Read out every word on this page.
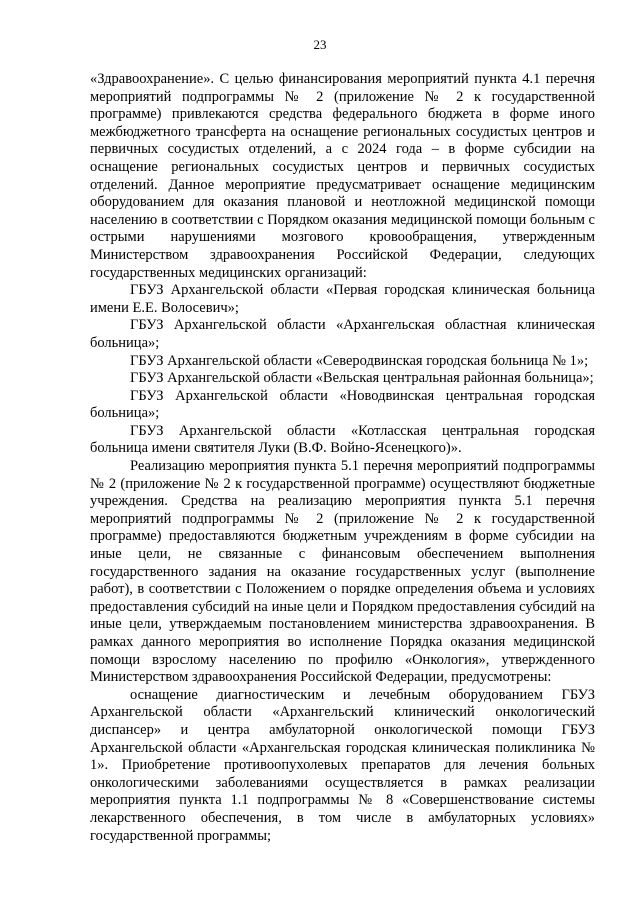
23

«Здравоохранение». С целью финансирования мероприятий пункта 4.1 перечня мероприятий подпрограммы № 2 (приложение № 2 к государственной программе) привлекаются средства федерального бюджета в форме иного межбюджетного трансферта на оснащение региональных сосудистых центров и первичных сосудистых отделений, а с 2024 года – в форме субсидии на оснащение региональных сосудистых центров и первичных сосудистых отделений. Данное мероприятие предусматривает оснащение медицинским оборудованием для оказания плановой и неотложной медицинской помощи населению в соответствии с Порядком оказания медицинской помощи больным с острыми нарушениями мозгового кровообращения, утвержденным Министерством здравоохранения Российской Федерации, следующих государственных медицинских организаций:

ГБУЗ Архангельской области «Первая городская клиническая больница имени Е.Е. Волосевич»;

ГБУЗ Архангельской области «Архангельская областная клиническая больница»;

ГБУЗ Архангельской области «Северодвинская городская больница № 1»;

ГБУЗ Архангельской области «Вельская центральная районная больница»;

ГБУЗ Архангельской области «Новодвинская центральная городская больница»;

ГБУЗ Архангельской области «Котласская центральная городская больница имени святителя Луки (В.Ф. Войно-Ясенецкого)».

Реализацию мероприятия пункта 5.1 перечня мероприятий подпрограммы № 2 (приложение № 2 к государственной программе) осуществляют бюджетные учреждения. Средства на реализацию мероприятия пункта 5.1 перечня мероприятий подпрограммы № 2 (приложение № 2 к государственной программе) предоставляются бюджетным учреждениям в форме субсидии на иные цели, не связанные с финансовым обеспечением выполнения государственного задания на оказание государственных услуг (выполнение работ), в соответствии с Положением о порядке определения объема и условиях предоставления субсидий на иные цели и Порядком предоставления субсидий на иные цели, утверждаемым постановлением министерства здравоохранения. В рамках данного мероприятия во исполнение Порядка оказания медицинской помощи взрослому населению по профилю «Онкология», утвержденного Министерством здравоохранения Российской Федерации, предусмотрены:

оснащение диагностическим и лечебным оборудованием ГБУЗ Архангельской области «Архангельский клинический онкологический диспансер» и центра амбулаторной онкологической помощи ГБУЗ Архангельской области «Архангельская городская клиническая поликлиника № 1». Приобретение противоопухолевых препаратов для лечения больных онкологическими заболеваниями осуществляется в рамках реализации мероприятия пункта 1.1 подпрограммы № 8 «Совершенствование системы лекарственного обеспечения, в том числе в амбулаторных условиях» государственной программы;
